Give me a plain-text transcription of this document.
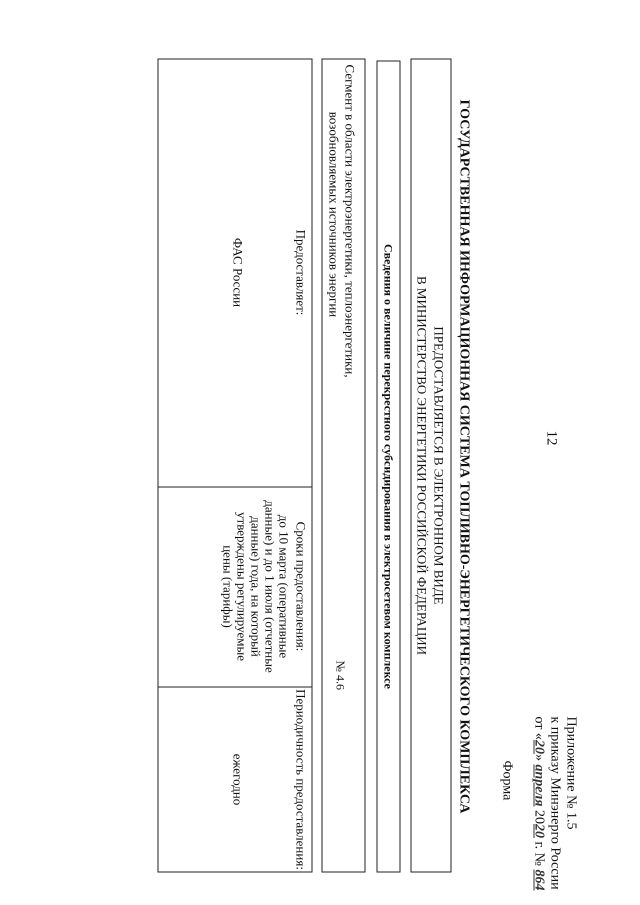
12
Приложение № 1.5
к приказу Минэнерго России
от «20» апреля 2020 г. № 864
Форма
ГОСУДАРСТВЕННАЯ ИНФОРМАЦИОННАЯ СИСТЕМА ТОПЛИВНО-ЭНЕРГЕТИЧЕСКОГО КОМПЛЕКСА
ПРЕДОСТАВЛЯЕТСЯ В ЭЛЕКТРОННОМ ВИДЕ
В МИНИСТЕРСТВО ЭНЕРГЕТИКИ РОССИЙСКОЙ ФЕДЕРАЦИИ
Сведения о величине перекрестного субсидирования в электросетевом комплексе
Сегмент в области электроэнергетики, теплоэнергетики,
возобновляемых источников энергии
№ 4.6
Предоставляет:
ФАС России
Сроки предоставления:
до 10 марта (оперативные
данные) и до 1 июля (отчетные
данные) года, на который
утверждены регулируемые
цены (тарифы)
Периодичность предоставления:
ежегодно
